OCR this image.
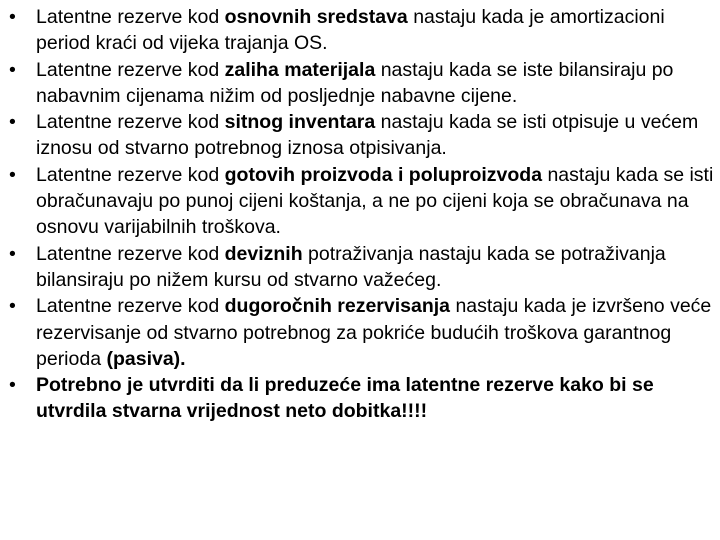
•	Latentne rezerve kod osnovnih sredstava nastaju kada je amortizacioni period kraći od vijeka trajanja OS.
•	Latentne rezerve kod zaliha materijala nastaju kada se iste bilansiraju po nabavnim cijenama nižim od posljednje nabavne cijene.
•	Latentne rezerve kod sitnog inventara nastaju kada se isti otpisuje u većem iznosu od stvarno potrebnog iznosa otpisivanja.
•	Latentne rezerve kod gotovih proizvoda i poluproizvoda nastaju kada se isti obračunavaju po punoj cijeni koštanja, a ne po cijeni koja se obračunava na osnovu varijabilnih troškova.
•	Latentne rezerve kod deviznih potraživanja nastaju kada se potraživanja bilansiraju po nižem kursu od stvarno važećeg.
•	Latentne rezerve kod dugoročnih rezervisanja nastaju kada je izvršeno veće rezervisanje od stvarno potrebnog za pokriće budućih troškova garantnog perioda (pasiva).
•	Potrebno je utvrditi da li preduzeće ima latentne rezerve kako bi se utvrdila stvarna vrijednost neto dobitka!!!!
